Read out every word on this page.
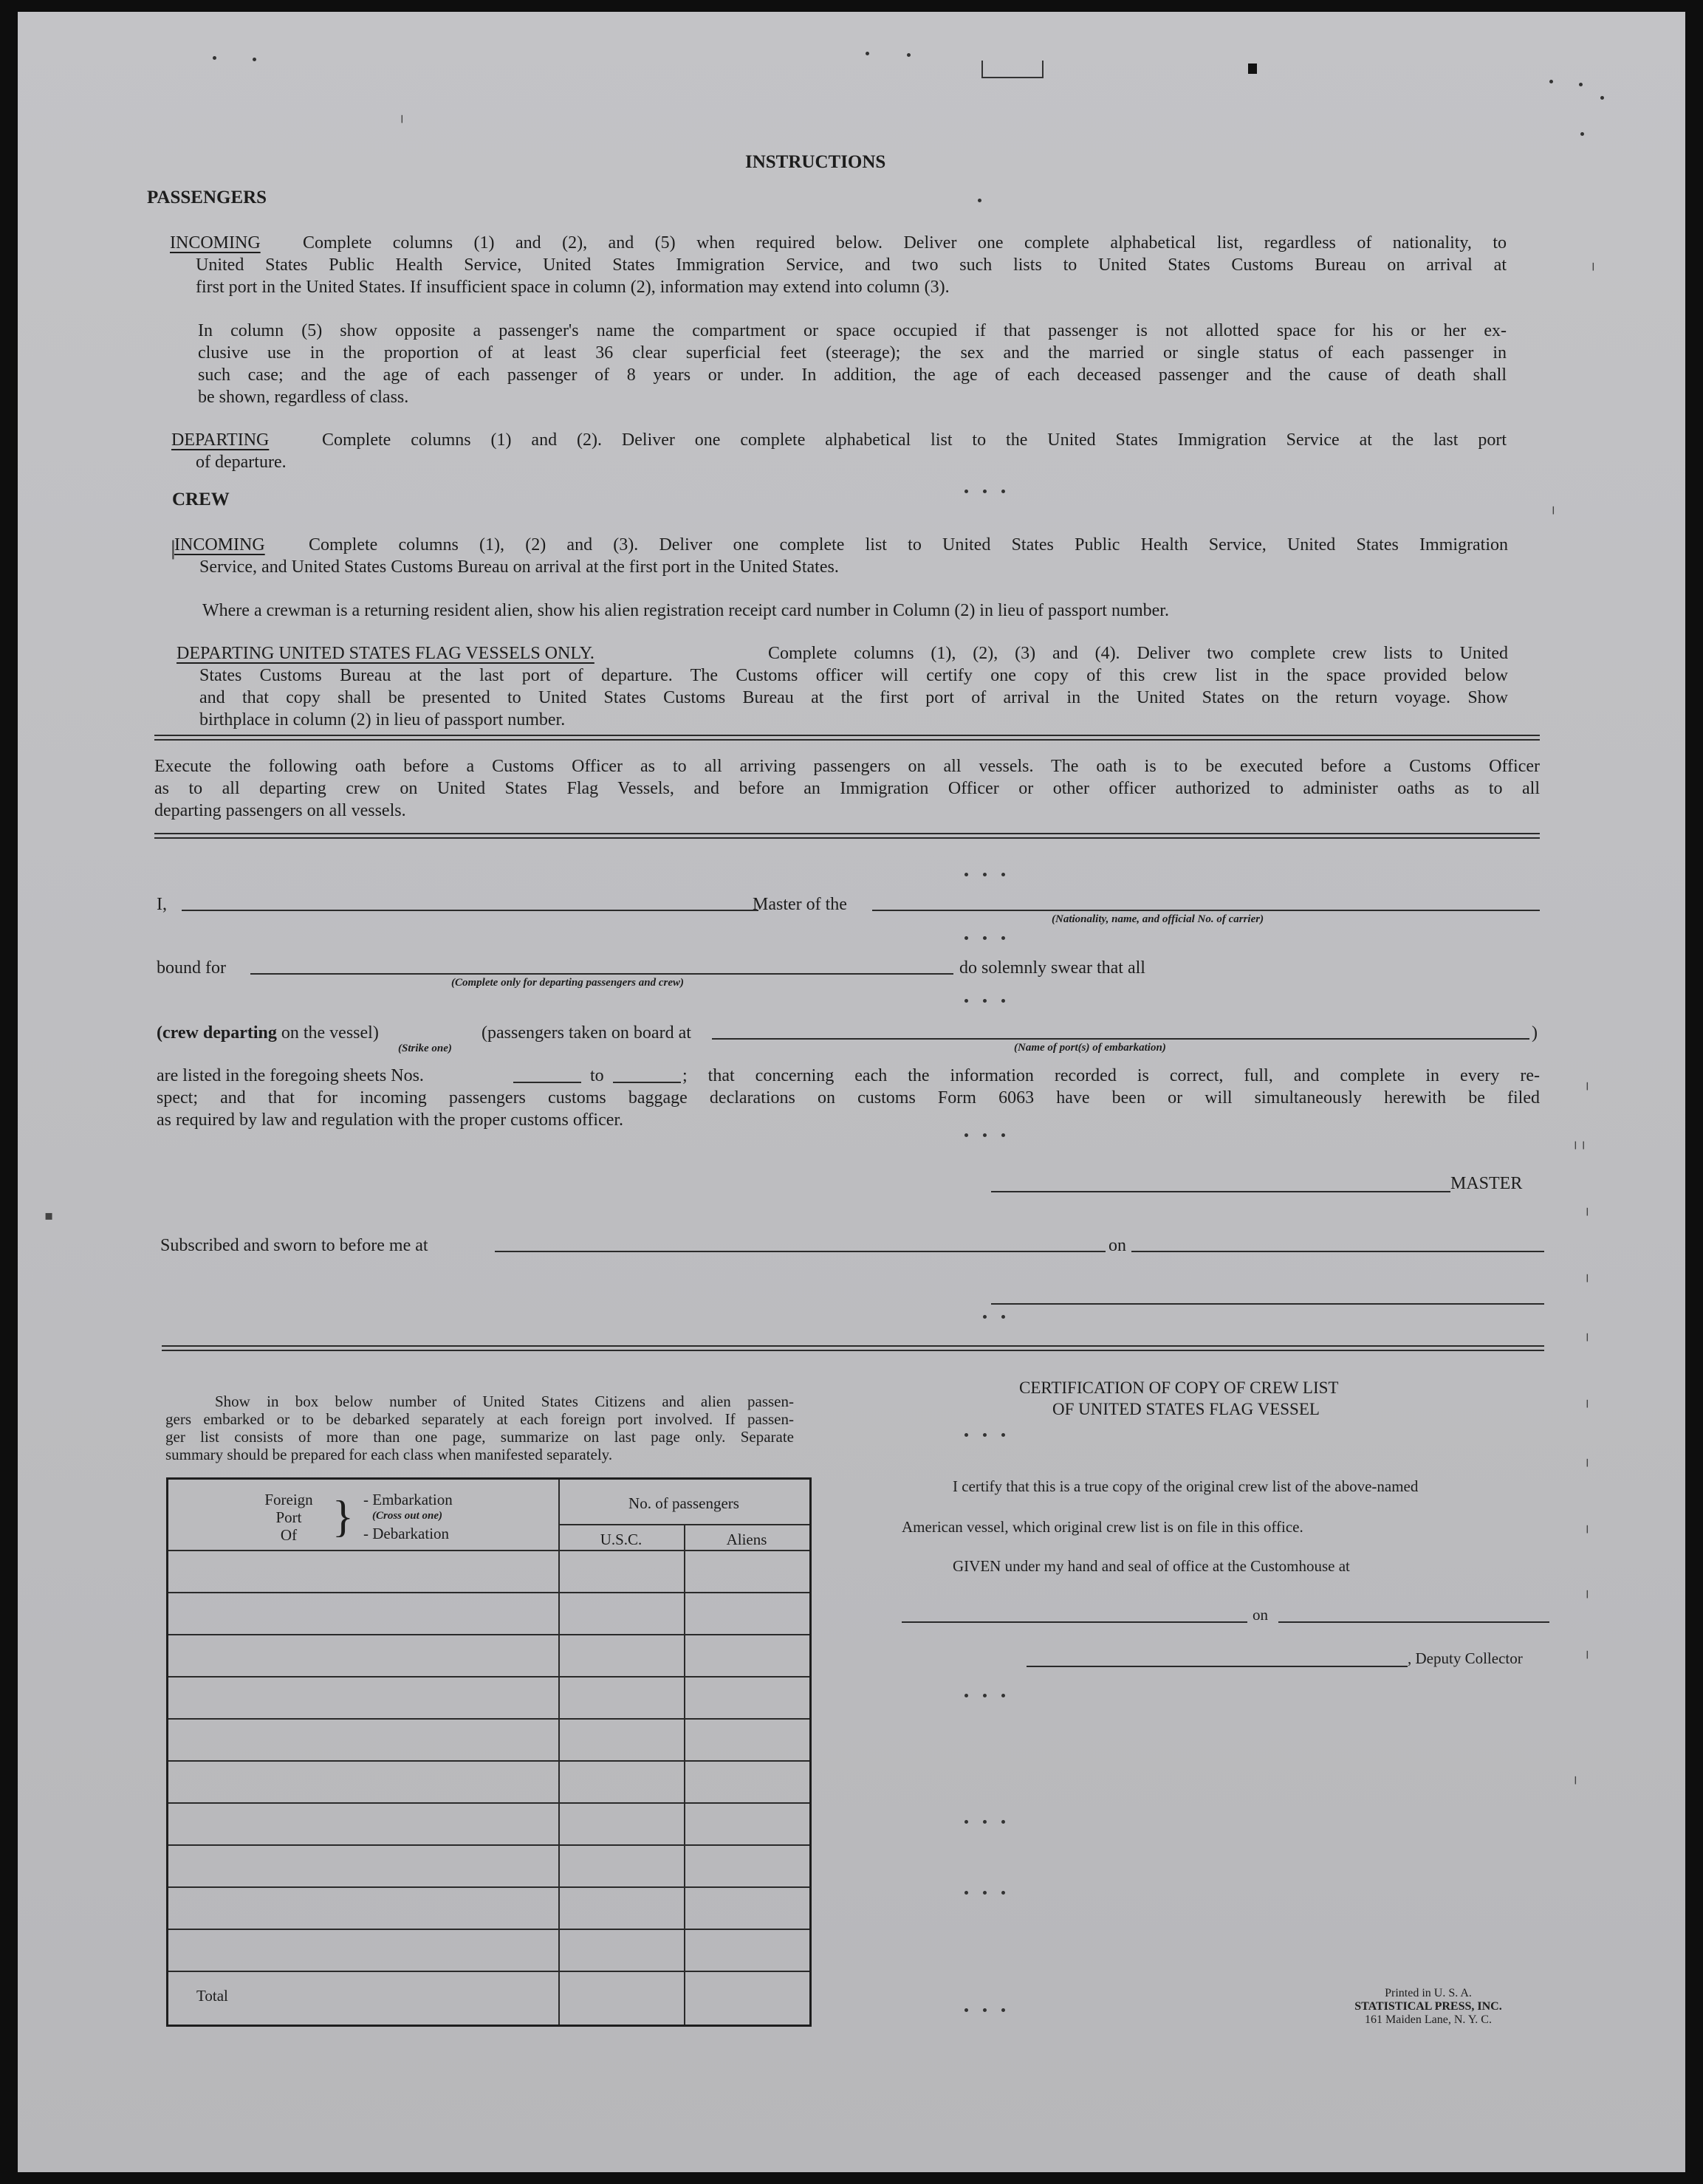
INSTRUCTIONS
PASSENGERS
INCOMING Complete columns (1) and (2), and (5) when required below. Deliver one complete alphabetical list, regardless of nationality, to
United States Public Health Service, United States Immigration Service, and two such lists to United States Customs Bureau on arrival at
first port in the United States. If insufficient space in column (2), information may extend into column (3).
In column (5) show opposite a passenger's name the compartment or space occupied if that passenger is not allotted space for his or her ex-
clusive use in the proportion of at least 36 clear superficial feet (steerage); the sex and the married or single status of each passenger in
such case; and the age of each passenger of 8 years or under. In addition, the age of each deceased passenger and the cause of death shall
be shown, regardless of class.
DEPARTING	Complete columns (1) and (2). Deliver one complete alphabetical list to the United States Immigration Service at the last port
of departure.
CREW
INCOMING Complete columns (1), (2) and (3). Deliver one complete list to United States Public Health Service, United States Immigration
Service, and United States Customs Bureau on arrival at the first port in the United States.
Where a crewman is a returning resident alien, show his alien registration receipt card number in Column (2) in lieu of passport number.
DEPARTING UNITED STATES FLAG VESSELS ONLY.	Complete columns (1), (2), (3) and (4). Deliver two complete crew lists to United
States Customs Bureau at the last port of departure. The Customs officer will certify one copy of this crew list in the space provided below
and that copy shall be presented to United States Customs Bureau at the first port of arrival in the United States on the return voyage. Show
birthplace in column (2) in lieu of passport number.
Execute the following oath before a Customs Officer as to all arriving passengers on all vessels. The oath is to be executed before a Customs Officer
as to all departing crew on United States Flag Vessels, and before an Immigration Officer or other officer authorized to administer oaths as to all
departing passengers on all vessels.
I,	Master of the
(Nationality, name, and official No. of carrier)
bound for
(Complete only for departing passengers and crew)
do solemnly swear that all
(crew departing on the vessel)
(Strike one)
(passengers taken on board at
(Name of port(s) of embarkation)
)
are listed in the foregoing sheets Nos.	to	; that concerning each the information recorded is correct, full, and complete in every re-
spect; and that for incoming passengers customs baggage declarations on customs Form 6063 have been or will simultaneously herewith be filed
as required by law and regulation with the proper customs officer.
MASTER
Subscribed and sworn to before me at	on
Show in box below number of United States Citizens and alien passen-
gers embarked or to be debarked separately at each foreign port involved. If passen-
ger list consists of more than one page, summarize on last page only. Separate
summary should be prepared for each class when manifested separately.
Foreign
Port
Of } - Embarkation
(Cross out one)
- Debarkation
No. of passengers
U.S.C.	Aliens
Total
CERTIFICATION OF COPY OF CREW LIST
OF UNITED STATES FLAG VESSEL
I certify that this is a true copy of the original crew list of the above-named
American vessel, which original crew list is on file in this office.
GIVEN under my hand and seal of office at the Customhouse at
on
, Deputy Collector
Printed in U. S. A.
STATISTICAL PRESS, INC.
161 Maiden Lane, N. Y. C.
╷
╷
╷
╷
╷╷
╷
╷
╷
╷
╷
╷
╷
╷
╷
▪
|
